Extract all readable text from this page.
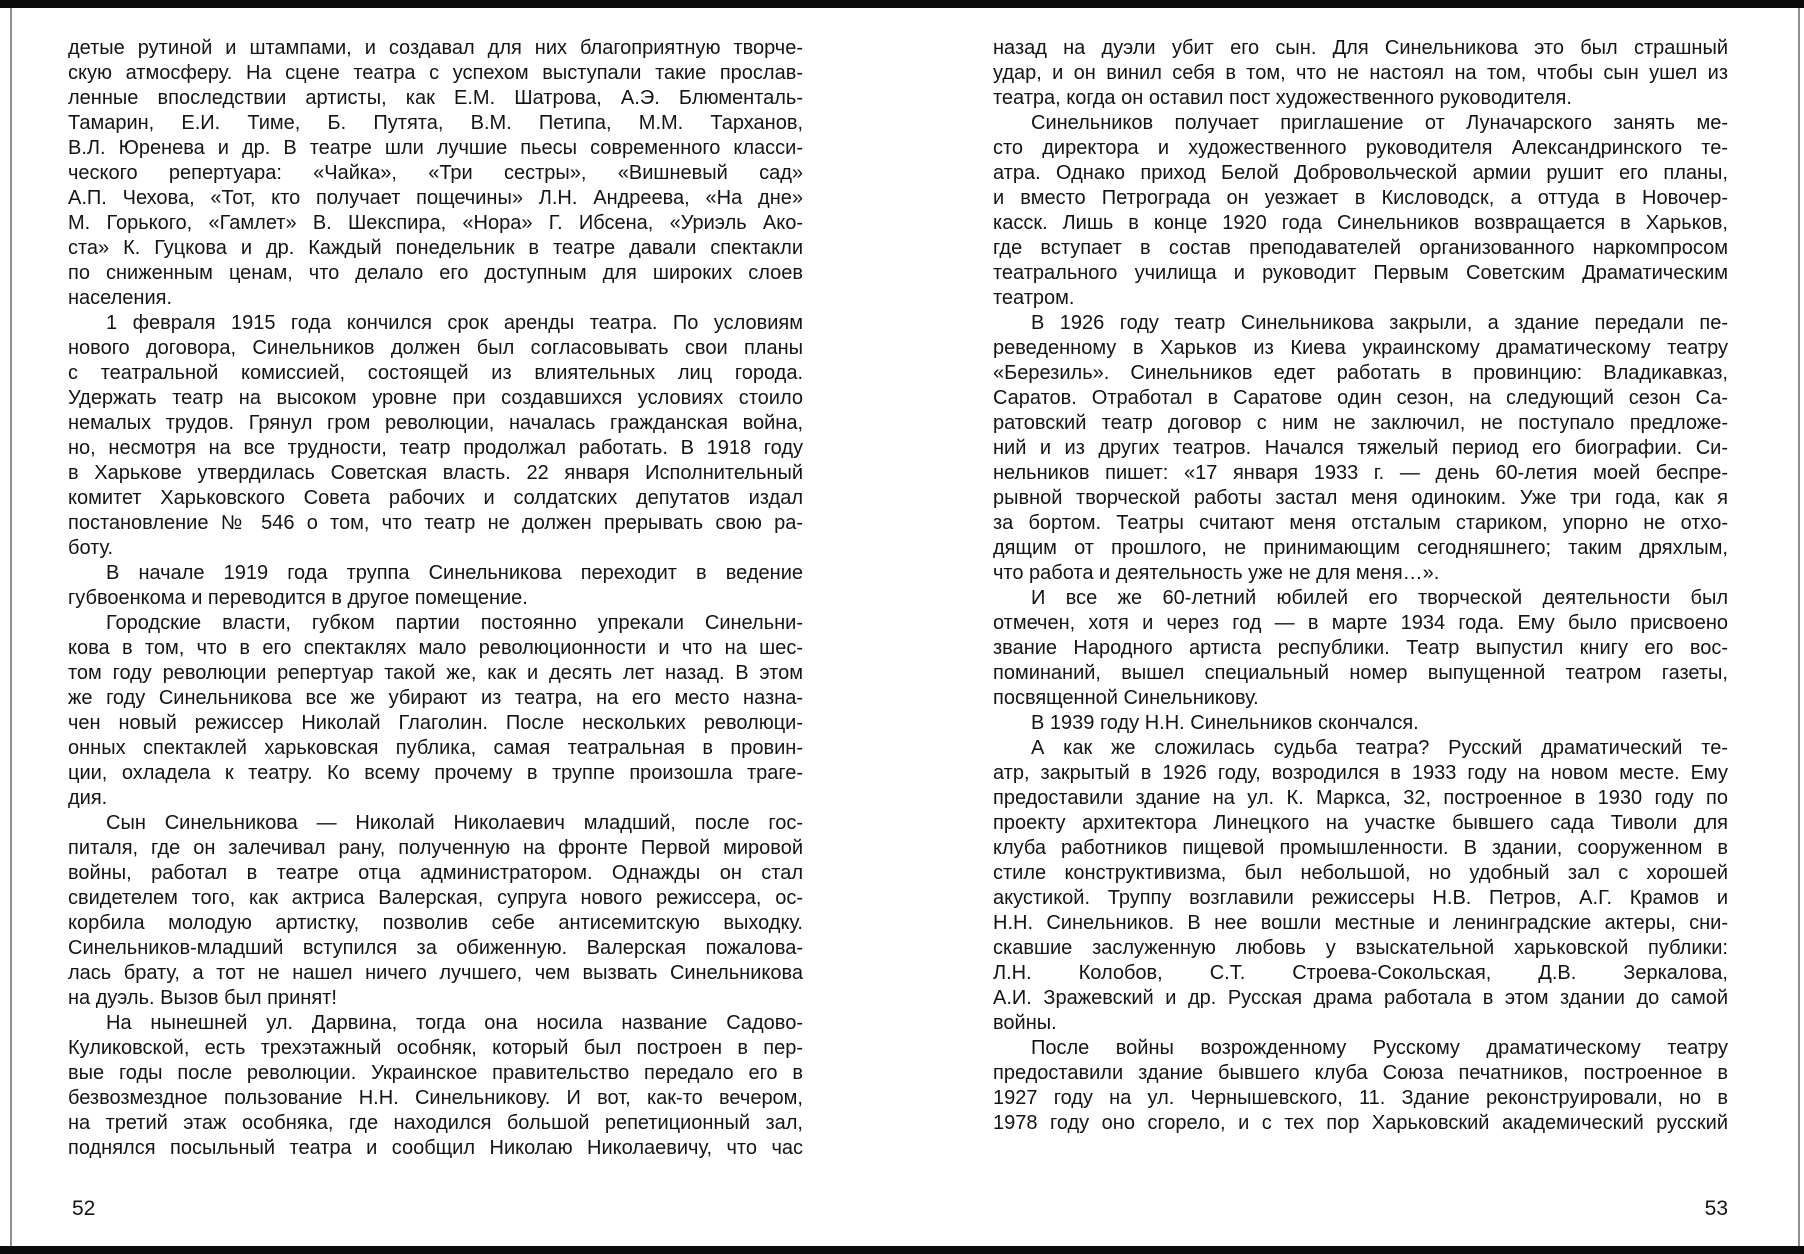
детые рутиной и штампами, и создавал для них благоприятную творче-
скую атмосферу. На сцене театра с успехом выступали такие прослав-
ленные впоследствии артисты, как Е.М. Шатрова, А.Э. Блюменталь-
Тамарин, Е.И. Тиме, Б. Путята, В.М. Петипа, М.М. Тарханов,
В.Л. Юренева и др. В театре шли лучшие пьесы современного класси-
ческого репертуара: «Чайка», «Три сестры», «Вишневый сад»
А.П. Чехова, «Тот, кто получает пощечины» Л.Н. Андреева, «На дне»
М. Горького, «Гамлет» В. Шекспира, «Нора» Г. Ибсена, «Уриэль Ако-
ста» К. Гуцкова и др. Каждый понедельник в театре давали спектакли
по сниженным ценам, что делало его доступным для широких слоев
населения.
1 февраля 1915 года кончился срок аренды театра. По условиям
нового договора, Синельников должен был согласовывать свои планы
с театральной комиссией, состоящей из влиятельных лиц города.
Удержать театр на высоком уровне при создавшихся условиях стоило
немалых трудов. Грянул гром революции, началась гражданская война,
но, несмотря на все трудности, театр продолжал работать. В 1918 году
в Харькове утвердилась Советская власть. 22 января Исполнительный
комитет Харьковского Совета рабочих и солдатских депутатов издал
постановление № 546 о том, что театр не должен прерывать свою ра-
боту.
В начале 1919 года труппа Синельникова переходит в ведение
губвоенкома и переводится в другое помещение.
Городские власти, губком партии постоянно упрекали Синельни-
кова в том, что в его спектаклях мало революционности и что на шес-
том году революции репертуар такой же, как и десять лет назад. В этом
же году Синельникова все же убирают из театра, на его место назна-
чен новый режиссер Николай Глаголин. После нескольких революци-
онных спектаклей харьковская публика, самая театральная в провин-
ции, охладела к театру. Ко всему прочему в труппе произошла траге-
дия.
Сын Синельникова — Николай Николаевич младший, после гос-
питаля, где он залечивал рану, полученную на фронте Первой мировой
войны, работал в театре отца администратором. Однажды он стал
свидетелем того, как актриса Валерская, супруга нового режиссера, ос-
корбила молодую артистку, позволив себе антисемитскую выходку.
Синельников-младший вступился за обиженную. Валерская пожалова-
лась брату, а тот не нашел ничего лучшего, чем вызвать Синельникова
на дуэль. Вызов был принят!
На нынешней ул. Дарвина, тогда она носила название Садово-
Куликовской, есть трехэтажный особняк, который был построен в пер-
вые годы после революции. Украинское правительство передало его в
безвозмездное пользование Н.Н. Синельникову. И вот, как-то вечером,
на третий этаж особняка, где находился большой репетиционный зал,
поднялся посыльный театра и сообщил Николаю Николаевичу, что час
назад на дуэли убит его сын. Для Синельникова это был страшный
удар, и он винил себя в том, что не настоял на том, чтобы сын ушел из
театра, когда он оставил пост художественного руководителя.
Синельников получает приглашение от Луначарского занять ме-
сто директора и художественного руководителя Александринского те-
атра. Однако приход Белой Добровольческой армии рушит его планы,
и вместо Петрограда он уезжает в Кисловодск, а оттуда в Новочер-
касск. Лишь в конце 1920 года Синельников возвращается в Харьков,
где вступает в состав преподавателей организованного наркомпросом
театрального училища и руководит Первым Советским Драматическим
театром.
В 1926 году театр Синельникова закрыли, а здание передали пе-
реведенному в Харьков из Киева украинскому драматическому театру
«Березиль». Синельников едет работать в провинцию: Владикавказ,
Саратов. Отработал в Саратове один сезон, на следующий сезон Са-
ратовский театр договор с ним не заключил, не поступало предложе-
ний и из других театров. Начался тяжелый период его биографии. Си-
нельников пишет: «17 января 1933 г. — день 60-летия моей беспре-
рывной творческой работы застал меня одиноким. Уже три года, как я
за бортом. Театры считают меня отсталым стариком, упорно не отхо-
дящим от прошлого, не принимающим сегодняшнего; таким дряхлым,
что работа и деятельность уже не для меня…».
И все же 60-летний юбилей его творческой деятельности был
отмечен, хотя и через год — в марте 1934 года. Ему было присвоено
звание Народного артиста республики. Театр выпустил книгу его вос-
поминаний, вышел специальный номер выпущенной театром газеты,
посвященной Синельникову.
В 1939 году Н.Н. Синельников скончался.
А как же сложилась судьба театра? Русский драматический те-
атр, закрытый в 1926 году, возродился в 1933 году на новом месте. Ему
предоставили здание на ул. К. Маркса, 32, построенное в 1930 году по
проекту архитектора Линецкого на участке бывшего сада Тиволи для
клуба работников пищевой промышленности. В здании, сооруженном в
стиле конструктивизма, был небольшой, но удобный зал с хорошей
акустикой. Труппу возглавили режиссеры Н.В. Петров, А.Г. Крамов и
Н.Н. Синельников. В нее вошли местные и ленинградские актеры, сни-
скавшие заслуженную любовь у взыскательной харьковской публики:
Л.Н. Колобов, С.Т. Строева-Сокольская, Д.В. Зеркалова,
А.И. Зражевский и др. Русская драма работала в этом здании до самой
войны.
После войны возрожденному Русскому драматическому театру
предоставили здание бывшего клуба Союза печатников, построенное в
1927 году на ул. Чернышевского, 11. Здание реконструировали, но в
1978 году оно сгорело, и с тех пор Харьковский академический русский
52	53
